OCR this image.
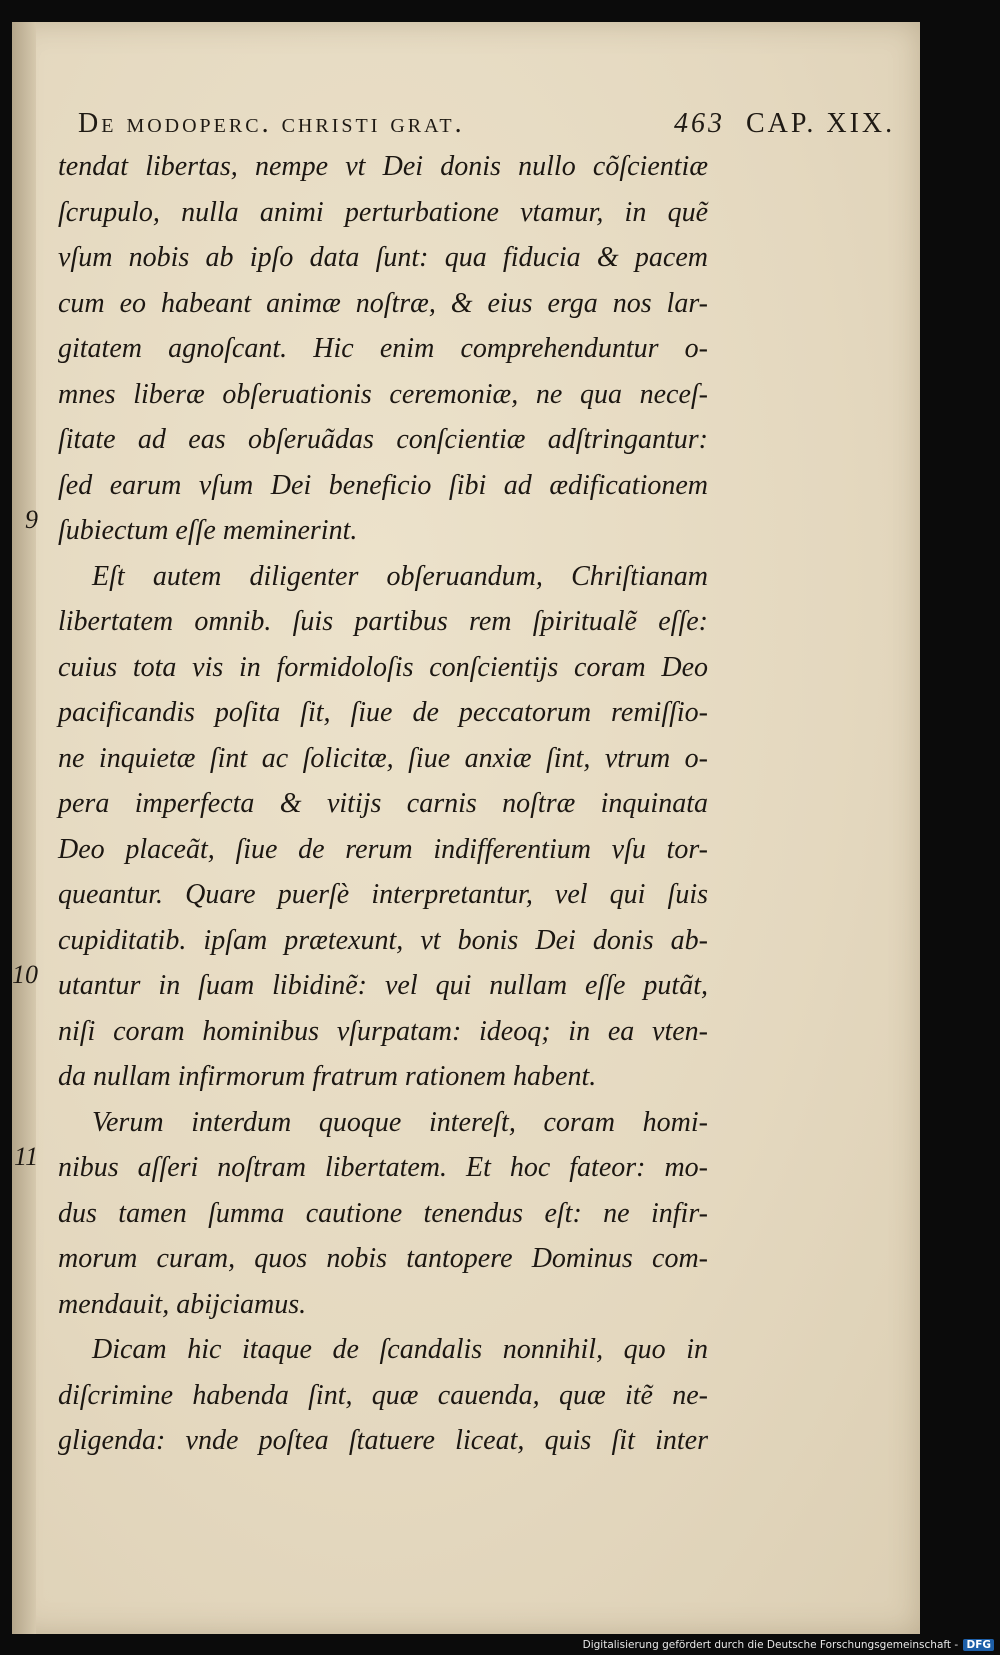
De modoperc. christi grat.	463 CAP. XIX.
9
10
11
tendat libertas, nempe vt Dei donis nullo cõſcientiæ
ſcrupulo, nulla animi perturbatione vtamur, in quẽ
vſum nobis ab ipſo data ſunt: qua fiducia & pacem
cum eo habeant animæ noſtræ, & eius erga nos lar-
gitatem agnoſcant. Hic enim comprehenduntur o-
mnes liberæ obſeruationis ceremoniæ, ne qua neceſ-
ſitate ad eas obſeruãdas conſcientiæ adſtringantur:
ſed earum vſum Dei beneficio ſibi ad ædificationem
ſubiectum eſſe meminerint.
Eſt autem diligenter obſeruandum, Chriſtianam
libertatem omnib. ſuis partibus rem ſpiritualẽ eſſe:
cuius tota vis in formidoloſis conſcientijs coram Deo
pacificandis poſita ſit, ſiue de peccatorum remiſſio-
ne inquietæ ſint ac ſolicitæ, ſiue anxiæ ſint, vtrum o-
pera imperfecta & vitijs carnis noſtræ inquinata
Deo placeãt, ſiue de rerum indifferentium vſu tor-
queantur. Quare puerſè interpretantur, vel qui ſuis
cupiditatib. ipſam prætexunt, vt bonis Dei donis ab-
utantur in ſuam libidinẽ: vel qui nullam eſſe putãt,
niſi coram hominibus vſurpatam: ideoq; in ea vten-
da nullam infirmorum fratrum rationem habent.
Verum interdum quoque intereſt, coram homi-
nibus aſſeri noſtram libertatem. Et hoc fateor: mo-
dus tamen ſumma cautione tenendus eſt: ne infir-
morum curam, quos nobis tantopere Dominus com-
mendauit, abijciamus.
Dicam hic itaque de ſcandalis nonnihil, quo in
diſcrimine habenda ſint, quæ cauenda, quæ itẽ ne-
gligenda: vnde poſtea ſtatuere liceat, quis ſit inter
Digitalisierung gefördert durch die Deutsche Forschungsgemeinschaft - DFG
